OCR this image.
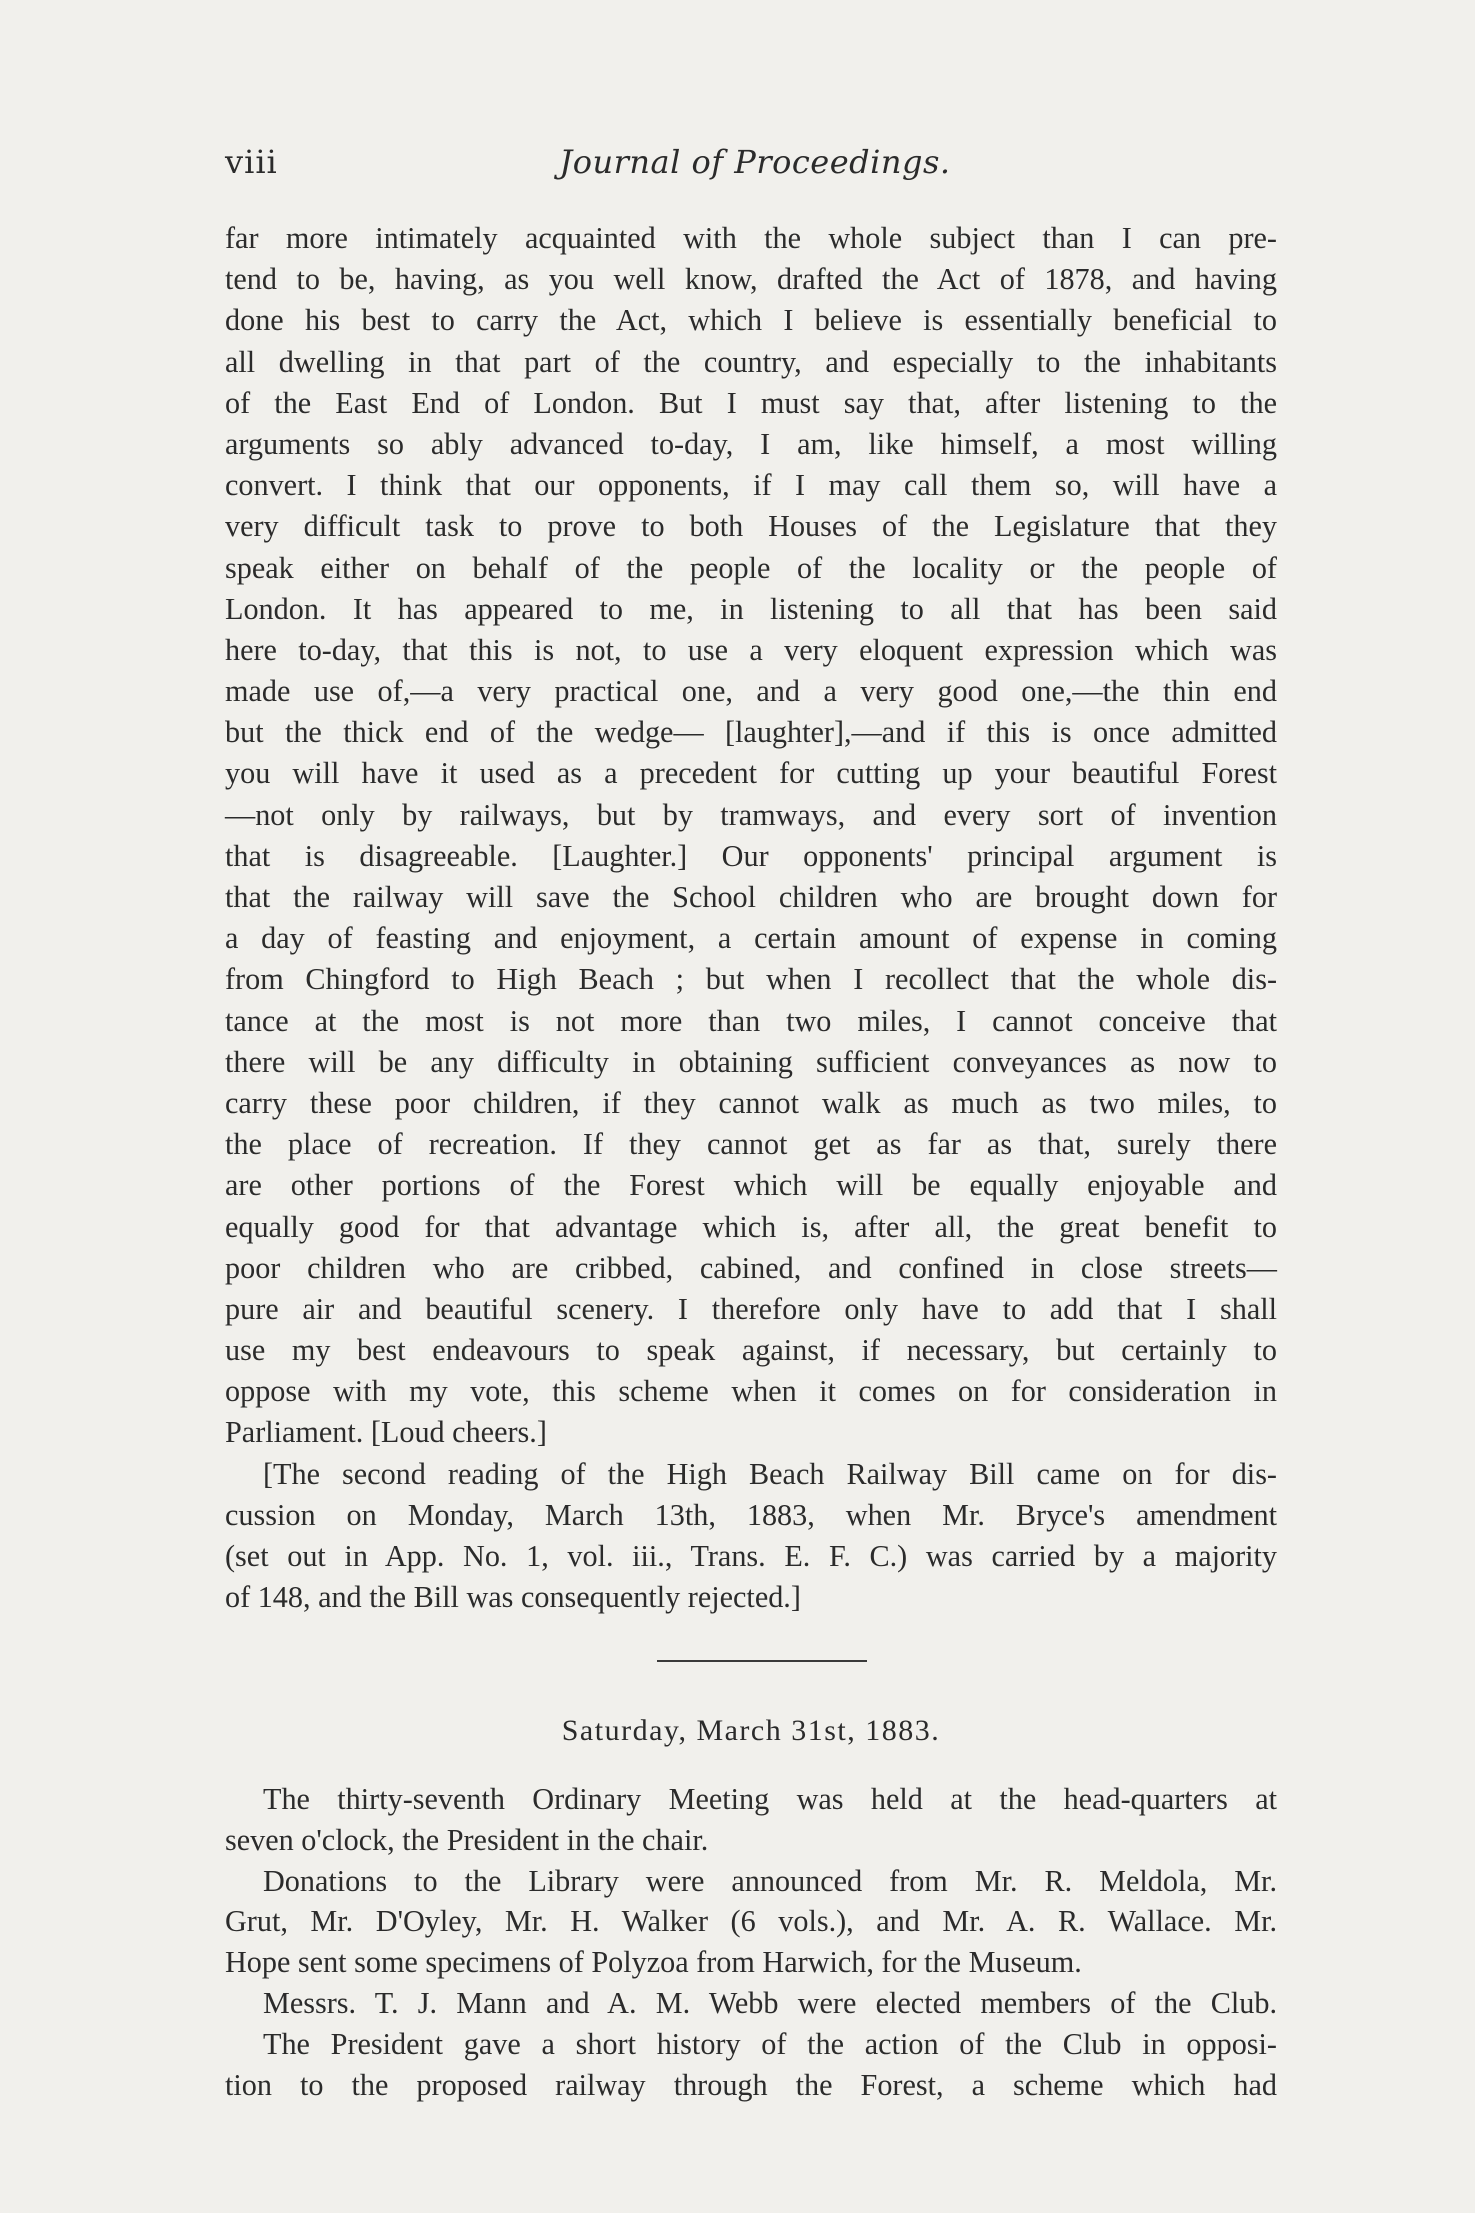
viii	Journal of Proceedings.
far more intimately acquainted with the whole subject than I can pre-
tend to be, having, as you well know, drafted the Act of 1878, and having
done his best to carry the Act, which I believe is essentially beneficial to
all dwelling in that part of the country, and especially to the inhabitants
of the East End of London. But I must say that, after listening to the
arguments so ably advanced to-day, I am, like himself, a most willing
convert. I think that our opponents, if I may call them so, will have a
very difficult task to prove to both Houses of the Legislature that they
speak either on behalf of the people of the locality or the people of
London. It has appeared to me, in listening to all that has been said
here to-day, that this is not, to use a very eloquent expression which was
made use of,—a very practical one, and a very good one,—the thin end
but the thick end of the wedge— [laughter],—and if this is once admitted
you will have it used as a precedent for cutting up your beautiful Forest
—not only by railways, but by tramways, and every sort of invention
that is disagreeable. [Laughter.] Our opponents' principal argument is
that the railway will save the School children who are brought down for
a day of feasting and enjoyment, a certain amount of expense in coming
from Chingford to High Beach ; but when I recollect that the whole dis-
tance at the most is not more than two miles, I cannot conceive that
there will be any difficulty in obtaining sufficient conveyances as now to
carry these poor children, if they cannot walk as much as two miles, to
the place of recreation. If they cannot get as far as that, surely there
are other portions of the Forest which will be equally enjoyable and
equally good for that advantage which is, after all, the great benefit to
poor children who are cribbed, cabined, and confined in close streets—
pure air and beautiful scenery. I therefore only have to add that I shall
use my best endeavours to speak against, if necessary, but certainly to
oppose with my vote, this scheme when it comes on for consideration in
Parliament. [Loud cheers.]
[The second reading of the High Beach Railway Bill came on for dis-
cussion on Monday, March 13th, 1883, when Mr. Bryce's amendment
(set out in App. No. 1, vol. iii., Trans. E. F. C.) was carried by a majority
of 148, and the Bill was consequently rejected.]
Saturday, March 31st, 1883.
The thirty-seventh Ordinary Meeting was held at the head-quarters at
seven o'clock, the President in the chair.
Donations to the Library were announced from Mr. R. Meldola, Mr.
Grut, Mr. D'Oyley, Mr. H. Walker (6 vols.), and Mr. A. R. Wallace. Mr.
Hope sent some specimens of Polyzoa from Harwich, for the Museum.
Messrs. T. J. Mann and A. M. Webb were elected members of the Club.
The President gave a short history of the action of the Club in opposi-
tion to the proposed railway through the Forest, a scheme which had
